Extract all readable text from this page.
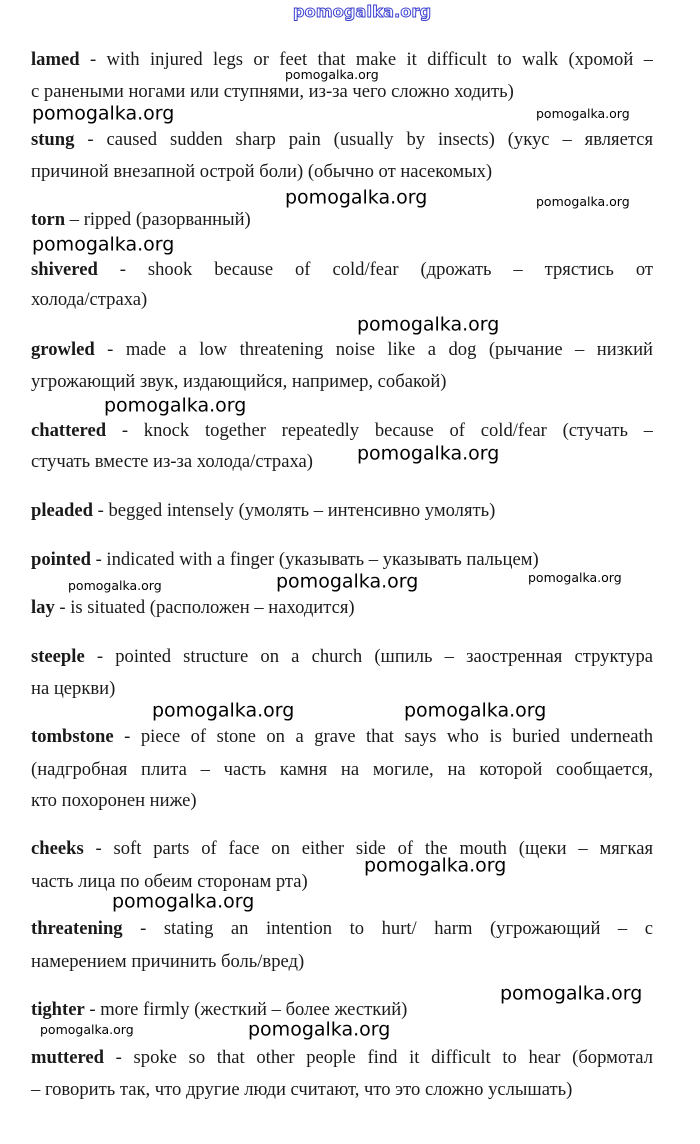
pomogalka.org
lamed - with injured legs or feet that make it difficult to walk (хромой –
с ранеными ногами или ступнями, из-за чего сложно ходить)
stung - caused sudden sharp pain (usually by insects) (укус – является
причиной внезапной острой боли) (обычно от насекомых)
torn – ripped (разорванный)
shivered - shook because of cold/fear (дрожать – трястись от
холода/страха)
growled - made a low threatening noise like a dog (рычание – низкий
угрожающий звук, издающийся, например, собакой)
chattered - knock together repeatedly because of cold/fear (стучать –
стучать вместе из-за холода/страха)
pleaded - begged intensely (умолять – интенсивно умолять)
pointed - indicated with a finger (указывать – указывать пальцем)
lay - is situated (расположен – находится)
steeple - pointed structure on a church (шпиль – заостренная структура
на церкви)
tombstone - piece of stone on a grave that says who is buried underneath
(надгробная плита – часть камня на могиле, на которой сообщается,
кто похоронен ниже)
cheeks - soft parts of face on either side of the mouth (щеки – мягкая
часть лица по обеим сторонам рта)
threatening - stating an intention to hurt/ harm (угрожающий – с
намерением причинить боль/вред)
tighter - more firmly (жесткий – более жесткий)
muttered - spoke so that other people find it difficult to hear (бормотал
– говорить так, что другие люди считают, что это сложно услышать)
pomogalka.org
pomogalka.org	pomogalka.org
pomogalka.org	pomogalka.org
pomogalka.org
pomogalka.org
pomogalka.org
pomogalka.org
pomogalka.org
pomogalka.org
pomogalka.org
pomogalka.org	pomogalka.org
pomogalka.org
pomogalka.org
pomogalka.org
pomogalka.org	pomogalka.org
